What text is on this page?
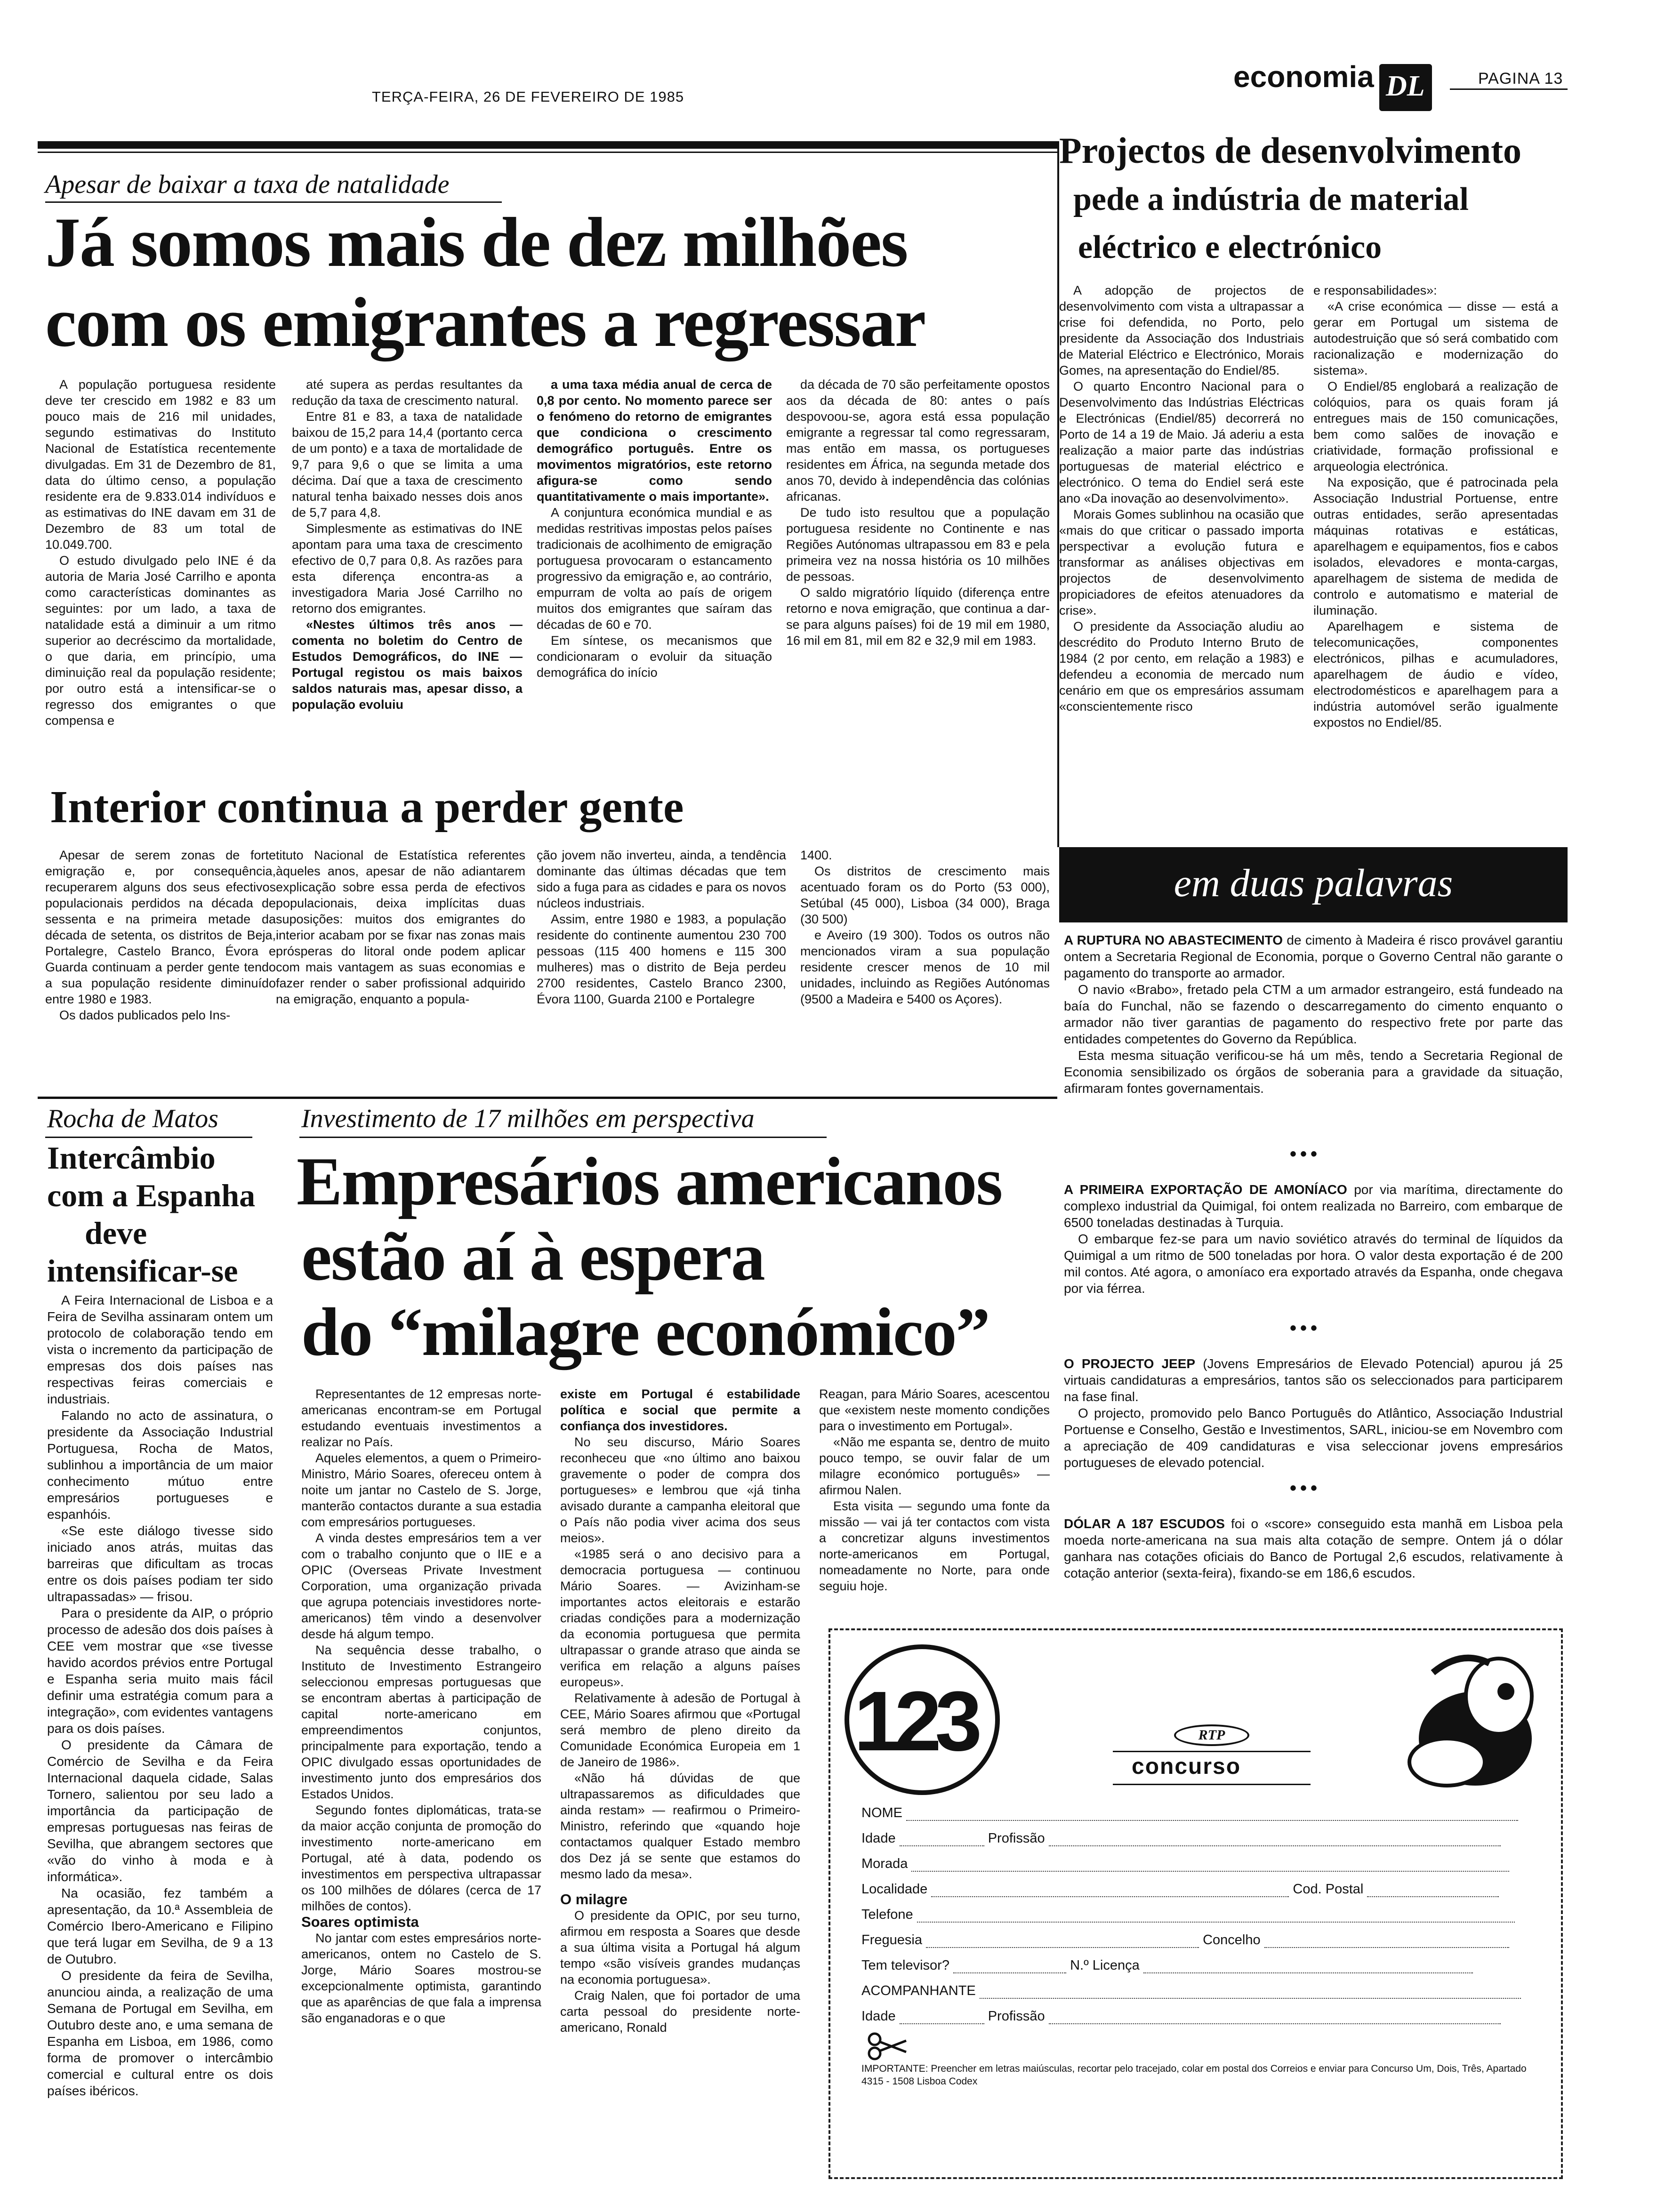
TERÇA-FEIRA, 26 DE FEVEREIRO DE 1985
economia DL	PAGINA 13
Apesar de baixar a taxa de natalidade
Já somos mais de dez milhões
com os emigrantes a regressar

A população portuguesa residente deve ter crescido em 1982 e 83 um pouco mais de 216 mil unidades, segundo estimativas do Instituto Nacional de Estatística recentemente divulgadas. Em 31 de Dezembro de 81, data do último censo, a população residente era de 9.833.014 indivíduos e as estimativas do INE davam em 31 de Dezembro de 83 um total de 10.049.700.

O estudo divulgado pelo INE é da autoria de Maria José Carrilho e aponta como características dominantes as seguintes: por um lado, a taxa de natalidade está a diminuir a um ritmo superior ao decréscimo da mortalidade, o que daria, em princípio, uma diminuição real da população residente; por outro está a intensificar-se o regresso dos emigrantes o que compensa e

até supera as perdas resultantes da redução da taxa de crescimento natural.

Entre 81 e 83, a taxa de natalidade baixou de 15,2 para 14,4 (portanto cerca de um ponto) e a taxa de mortalidade de 9,7 para 9,6 o que se limita a uma décima. Daí que a taxa de crescimento natural tenha baixado nesses dois anos de 5,7 para 4,8.

Simplesmente as estimativas do INE apontam para uma taxa de crescimento efectivo de 0,7 para 0,8. As razões para esta diferença encontra-as a investigadora Maria José Carrilho no retorno dos emigrantes.

«Nestes últimos três anos — comenta no boletim do Centro de Estudos Demográficos, do INE — Portugal registou os mais baixos saldos naturais mas, apesar disso, a população evoluiu

a uma taxa média anual de cerca de 0,8 por cento. No momento parece ser o fenómeno do retorno de emigrantes que condiciona o crescimento demográfico português. Entre os movimentos migratórios, este retorno afigura-se como sendo quantitativamente o mais importante».

A conjuntura económica mundial e as medidas restritivas impostas pelos países tradicionais de acolhimento de emigração portuguesa provocaram o estancamento progressivo da emigração e, ao contrário, empurram de volta ao país de origem muitos dos emigrantes que saíram das décadas de 60 e 70.

Em síntese, os mecanismos que condicionaram o evoluir da situação demográfica do início

da década de 70 são perfeitamente opostos aos da década de 80: antes o país despovoou-se, agora está essa população emigrante a regressar tal como regressaram, mas então em massa, os portugueses residentes em África, na segunda metade dos anos 70, devido à independência das colónias africanas.

De tudo isto resultou que a população portuguesa residente no Continente e nas Regiões Autónomas ultrapassou em 83 e pela primeira vez na nossa história os 10 milhões de pessoas.

O saldo migratório líquido (diferença entre retorno e nova emigração, que continua a dar-se para alguns países) foi de 19 mil em 1980, 16 mil em 81, mil em 82 e 32,9 mil em 1983.

Interior continua a perder gente

Apesar de serem zonas de forte emigração e, por consequência, recuperarem alguns dos seus efectivos populacionais perdidos na década de sessenta e na primeira metade da década de setenta, os distritos de Beja, Portalegre, Castelo Branco, Évora e Guarda continuam a perder gente tendo a sua população residente diminuído entre 1980 e 1983.

Os dados publicados pelo Ins-

tituto Nacional de Estatística referentes àqueles anos, apesar de não adiantarem explicação sobre essa perda de efectivos populacionais, deixa implícitas duas suposições: muitos dos emigrantes do interior acabam por se fixar nas zonas mais prósperas do litoral onde podem aplicar com mais vantagem as suas economias e fazer render o saber profissional adquirido na emigração, enquanto a popula-

ção jovem não inverteu, ainda, a tendência dominante das últimas décadas que tem sido a fuga para as cidades e para os novos núcleos industriais.

Assim, entre 1980 e 1983, a população residente do continente aumentou 230 700 pessoas (115 400 homens e 115 300 mulheres) mas o distrito de Beja perdeu 2700 residentes, Castelo Branco 2300, Évora 1100, Guarda 2100 e Portalegre

1400.

Os distritos de crescimento mais acentuado foram os do Porto (53 000), Setúbal (45 000), Lisboa (34 000), Braga (30 500)

e Aveiro (19 300). Todos os outros não mencionados viram a sua população residente crescer menos de 10 mil unidades, incluindo as Regiões Autónomas (9500 a Madeira e 5400 os Açores).

Projectos de desenvolvimento
pede a indústria de material
eléctrico e electrónico

A adopção de projectos de desenvolvimento com vista a ultrapassar a crise foi defendida, no Porto, pelo presidente da Associação dos Industriais de Material Eléctrico e Electrónico, Morais Gomes, na apresentação do Endiel/85.

O quarto Encontro Nacional para o Desenvolvimento das Indústrias Eléctricas e Electrónicas (Endiel/85) decorrerá no Porto de 14 a 19 de Maio. Já aderiu a esta realização a maior parte das indústrias portuguesas de material eléctrico e electrónico. O tema do Endiel será este ano «Da inovação ao desenvolvimento».

Morais Gomes sublinhou na ocasião que «mais do que criticar o passado importa perspectivar a evolução futura e transformar as análises objectivas em projectos de desenvolvimento propiciadores de efeitos atenuadores da crise».

O presidente da Associação aludiu ao descrédito do Produto Interno Bruto de 1984 (2 por cento, em relação a 1983) e defendeu a economia de mercado num cenário em que os empresários assumam «conscientemente risco

e responsabilidades»:

«A crise económica — disse — está a gerar em Portugal um sistema de autodestruição que só será combatido com racionalização e modernização do sistema».

O Endiel/85 englobará a realização de colóquios, para os quais foram já entregues mais de 150 comunicações, bem como salões de inovação e criatividade, formação profissional e arqueologia electrónica.

Na exposição, que é patrocinada pela Associação Industrial Portuense, entre outras entidades, serão apresentadas máquinas rotativas e estáticas, aparelhagem e equipamentos, fios e cabos isolados, elevadores e monta-cargas, aparelhagem de sistema de medida de controlo e automatismo e material de iluminação.

Aparelhagem e sistema de telecomunicações, componentes electrónicos, pilhas e acumuladores, aparelhagem de áudio e vídeo, electrodomésticos e aparelhagem para a indústria automóvel serão igualmente expostos no Endiel/85.

em duas palavras

A RUPTURA NO ABASTECIMENTO de cimento à Madeira é risco provável garantiu ontem a Secretaria Regional de Economia, porque o Governo Central não garante o pagamento do transporte ao armador.

O navio «Brabo», fretado pela CTM a um armador estrangeiro, está fundeado na baía do Funchal, não se fazendo o descarregamento do cimento enquanto o armador não tiver garantias de pagamento do respectivo frete por parte das entidades competentes do Governo da República.

Esta mesma situação verificou-se há um mês, tendo a Secretaria Regional de Economia sensibilizado os órgãos de soberania para a gravidade da situação, afirmaram fontes governamentais.

•••

A PRIMEIRA EXPORTAÇÃO DE AMONÍACO por via marítima, directamente do complexo industrial da Quimigal, foi ontem realizada no Barreiro, com embarque de 6500 toneladas destinadas à Turquia.

O embarque fez-se para um navio soviético através do terminal de líquidos da Quimigal a um ritmo de 500 toneladas por hora. O valor desta exportação é de 200 mil contos. Até agora, o amoníaco era exportado através da Espanha, onde chegava por via férrea.

•••

O PROJECTO JEEP (Jovens Empresários de Elevado Potencial) apurou já 25 virtuais candidaturas a empresários, tantos são os seleccionados para participarem na fase final.

O projecto, promovido pelo Banco Português do Atlântico, Associação Industrial Portuense e Conselho, Gestão e Investimentos, SARL, iniciou-se em Novembro com a apreciação de 409 candidaturas e visa seleccionar jovens empresários portugueses de elevado potencial.

•••

DÓLAR A 187 ESCUDOS foi o «score» conseguido esta manhã em Lisboa pela moeda norte-americana na sua mais alta cotação de sempre. Ontem já o dólar ganhara nas cotações oficiais do Banco de Portugal 2,6 escudos, relativamente à cotação anterior (sexta-feira), fixando-se em 186,6 escudos.

Rocha de Matos
Intercâmbio
com a Espanha
deve
intensificar-se

A Feira Internacional de Lisboa e a Feira de Sevilha assinaram ontem um protocolo de colaboração tendo em vista o incremento da participação de empresas dos dois países nas respectivas feiras comerciais e industriais.

Falando no acto de assinatura, o presidente da Associação Industrial Portuguesa, Rocha de Matos, sublinhou a importância de um maior conhecimento mútuo entre empresários portugueses e espanhóis.

«Se este diálogo tivesse sido iniciado anos atrás, muitas das barreiras que dificultam as trocas entre os dois países podiam ter sido ultrapassadas» — frisou.

Para o presidente da AIP, o próprio processo de adesão dos dois países à CEE vem mostrar que «se tivesse havido acordos prévios entre Portugal e Espanha seria muito mais fácil definir uma estratégia comum para a integração», com evidentes vantagens para os dois países.

O presidente da Câmara de Comércio de Sevilha e da Feira Internacional daquela cidade, Salas Tornero, salientou por seu lado a importância da participação de empresas portuguesas nas feiras de Sevilha, que abrangem sectores que «vão do vinho à moda e à informática».

Na ocasião, fez também a apresentação, da 10.ª Assembleia de Comércio Ibero-Americano e Filipino que terá lugar em Sevilha, de 9 a 13 de Outubro.

O presidente da feira de Sevilha, anunciou ainda, a realização de uma Semana de Portugal em Sevilha, em Outubro deste ano, e uma semana de Espanha em Lisboa, em 1986, como forma de promover o intercâmbio comercial e cultural entre os dois países ibéricos.

Investimento de 17 milhões em perspectiva
Empresários americanos
estão aí à espera
do “milagre económico”

Representantes de 12 empresas norte-americanas encontram-se em Portugal estudando eventuais investimentos a realizar no País.

Aqueles elementos, a quem o Primeiro-Ministro, Mário Soares, ofereceu ontem à noite um jantar no Castelo de S. Jorge, manterão contactos durante a sua estadia com empresários portugueses.

A vinda destes empresários tem a ver com o trabalho conjunto que o IIE e a OPIC (Overseas Private Investment Corporation, uma organização privada que agrupa potenciais investidores norte-americanos) têm vindo a desenvolver desde há algum tempo.

Na sequência desse trabalho, o Instituto de Investimento Estrangeiro seleccionou empresas portuguesas que se encontram abertas à participação de capital norte-americano em empreendimentos conjuntos, principalmente para exportação, tendo a OPIC divulgado essas oportunidades de investimento junto dos empresários dos Estados Unidos.

Segundo fontes diplomáticas, trata-se da maior acção conjunta de promoção do investimento norte-americano em Portugal, até à data, podendo os investimentos em perspectiva ultrapassar os 100 milhões de dólares (cerca de 17 milhões de contos).

Soares optimista

No jantar com estes empresários norte-americanos, ontem no Castelo de S. Jorge, Mário Soares mostrou-se excepcionalmente optimista, garantindo que as aparências de que fala a imprensa são enganadoras e o que

existe em Portugal é estabilidade política e social que permite a confiança dos investidores.

No seu discurso, Mário Soares reconheceu que «no último ano baixou gravemente o poder de compra dos portugueses» e lembrou que «já tinha avisado durante a campanha eleitoral que o País não podia viver acima dos seus meios».

«1985 será o ano decisivo para a democracia portuguesa — continuou Mário Soares. — Avizinham-se importantes actos eleitorais e estarão criadas condições para a modernização da economia portuguesa que permita ultrapassar o grande atraso que ainda se verifica em relação a alguns países europeus».

Relativamente à adesão de Portugal à CEE, Mário Soares afirmou que «Portugal será membro de pleno direito da Comunidade Económica Europeia em 1 de Janeiro de 1986».

«Não há dúvidas de que ultrapassaremos as dificuldades que ainda restam» — reafirmou o Primeiro-Ministro, referindo que «quando hoje contactamos qualquer Estado membro dos Dez já se sente que estamos do mesmo lado da mesa».

O milagre

O presidente da OPIC, por seu turno, afirmou em resposta a Soares que desde a sua última visita a Portugal há algum tempo «são visíveis grandes mudanças na economia portuguesa».

Craig Nalen, que foi portador de uma carta pessoal do presidente norte-americano, Ronald

Reagan, para Mário Soares, acescentou que «existem neste momento condições para o investimento em Portugal».

«Não me espanta se, dentro de muito pouco tempo, se ouvir falar de um milagre económico português» — afirmou Nalen.

Esta visita — segundo uma fonte da missão — vai já ter contactos com vista a concretizar alguns investimentos norte-americanos em Portugal, nomeadamente no Norte, para onde seguiu hoje.

123	RTP
concurso
NOME
Idade	Profissão
Morada
Localidade	Cod. Postal
Telefone
Freguesia	Concelho
Tem televisor?	N.º Licença
ACOMPANHANTE
Idade	Profissão
IMPORTANTE: Preencher em letras maiúsculas, recortar pelo tracejado, colar em postal dos Correios e enviar para Concurso Um, Dois, Três, Apartado 4315 - 1508 Lisboa Codex
